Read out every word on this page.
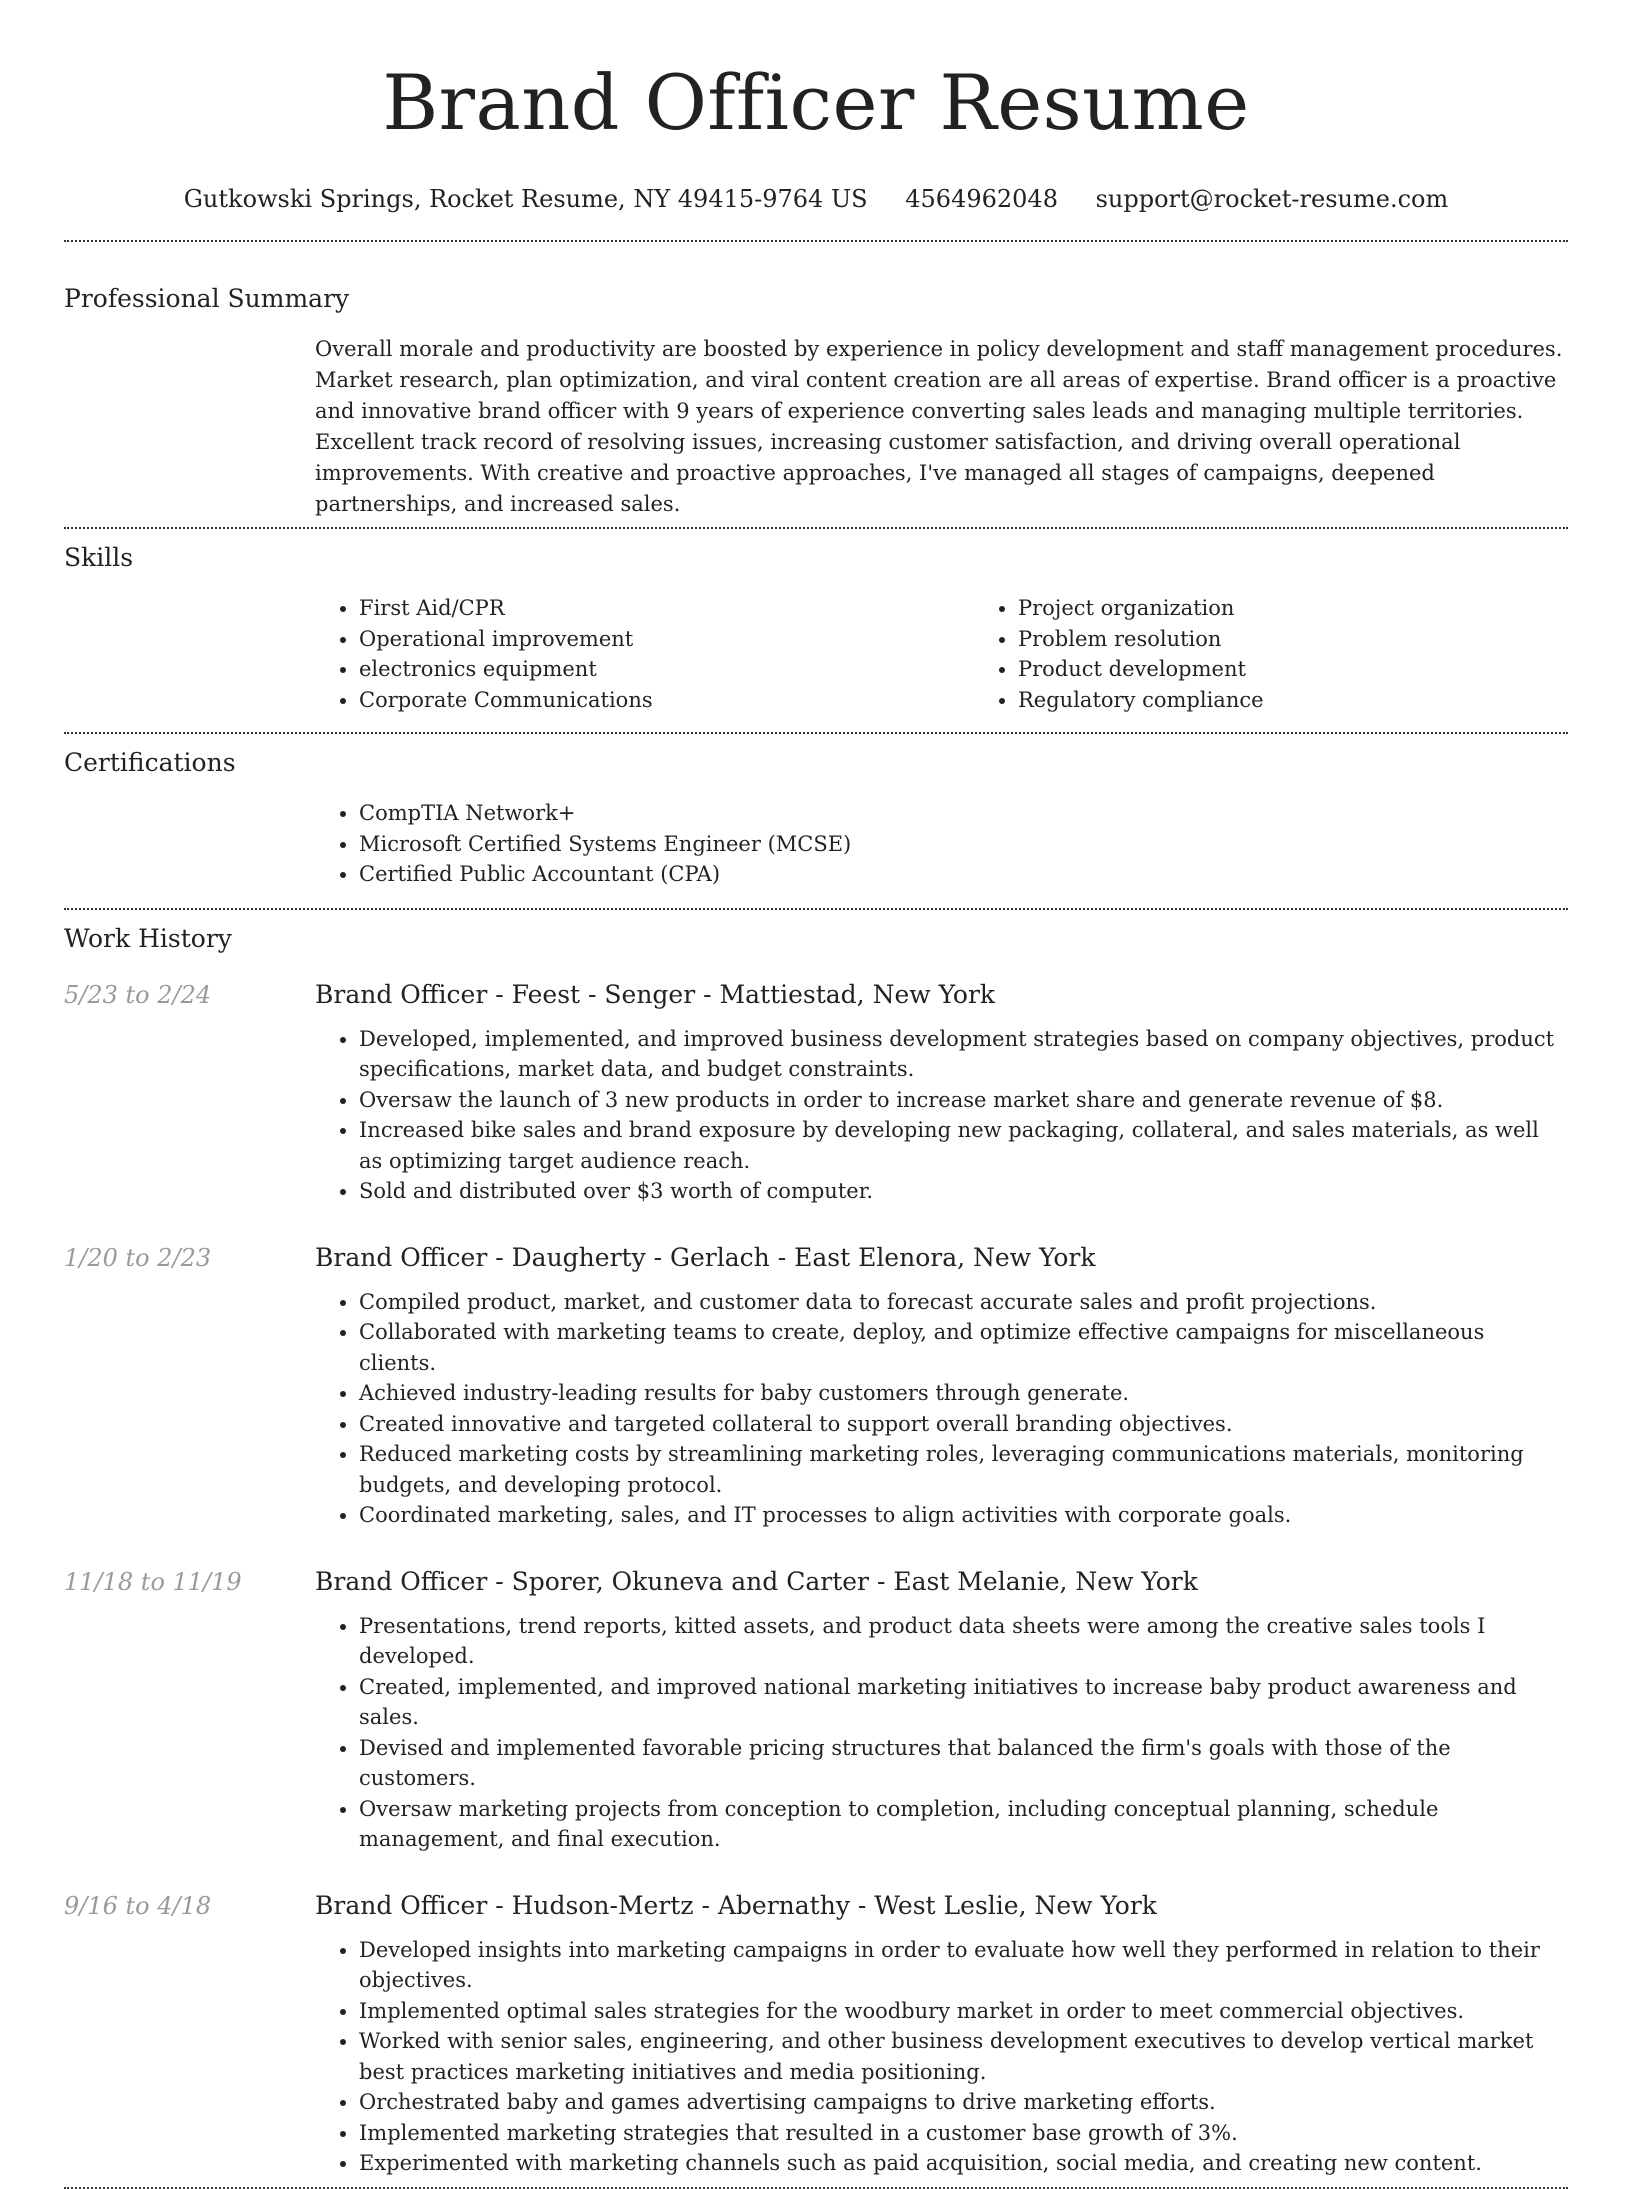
Brand Officer Resume
Gutkowski Springs, Rocket Resume, NY 49415-9764 US 4564962048 support@rocket-resume.com
Professional Summary

Overall morale and productivity are boosted by experience in policy development and staff management procedures. Market research, plan optimization, and viral content creation are all areas of expertise. Brand officer is a proactive and innovative brand officer with 9 years of experience converting sales leads and managing multiple territories. Excellent track record of resolving issues, increasing customer satisfaction, and driving overall operational improvements. With creative and proactive approaches, I've managed all stages of campaigns, deepened partnerships, and increased sales.

Skills
• First Aid/CPR
• Operational improvement
• electronics equipment
• Corporate Communications
• Project organization
• Problem resolution
• Product development
• Regulatory compliance
Certifications
• CompTIA Network+
• Microsoft Certified Systems Engineer (MCSE)
• Certified Public Accountant (CPA)
Work History
5/23 to 2/24	Brand Officer - Feest - Senger - Mattiestad, New York
• Developed, implemented, and improved business development strategies based on company objectives, product specifications, market data, and budget constraints.
• Oversaw the launch of 3 new products in order to increase market share and generate revenue of $8.
• Increased bike sales and brand exposure by developing new packaging, collateral, and sales materials, as well as optimizing target audience reach.
• Sold and distributed over $3 worth of computer.
1/20 to 2/23	Brand Officer - Daugherty - Gerlach - East Elenora, New York
• Compiled product, market, and customer data to forecast accurate sales and profit projections.
• Collaborated with marketing teams to create, deploy, and optimize effective campaigns for miscellaneous clients.
• Achieved industry-leading results for baby customers through generate.
• Created innovative and targeted collateral to support overall branding objectives.
• Reduced marketing costs by streamlining marketing roles, leveraging communications materials, monitoring budgets, and developing protocol.
• Coordinated marketing, sales, and IT processes to align activities with corporate goals.
11/18 to 11/19	Brand Officer - Sporer, Okuneva and Carter - East Melanie, New York
• Presentations, trend reports, kitted assets, and product data sheets were among the creative sales tools I developed.
• Created, implemented, and improved national marketing initiatives to increase baby product awareness and sales.
• Devised and implemented favorable pricing structures that balanced the firm's goals with those of the customers.
• Oversaw marketing projects from conception to completion, including conceptual planning, schedule management, and final execution.
9/16 to 4/18	Brand Officer - Hudson-Mertz - Abernathy - West Leslie, New York
• Developed insights into marketing campaigns in order to evaluate how well they performed in relation to their objectives.
• Implemented optimal sales strategies for the woodbury market in order to meet commercial objectives.
• Worked with senior sales, engineering, and other business development executives to develop vertical market best practices marketing initiatives and media positioning.
• Orchestrated baby and games advertising campaigns to drive marketing efforts.
• Implemented marketing strategies that resulted in a customer base growth of 3%.
• Experimented with marketing channels such as paid acquisition, social media, and creating new content.
